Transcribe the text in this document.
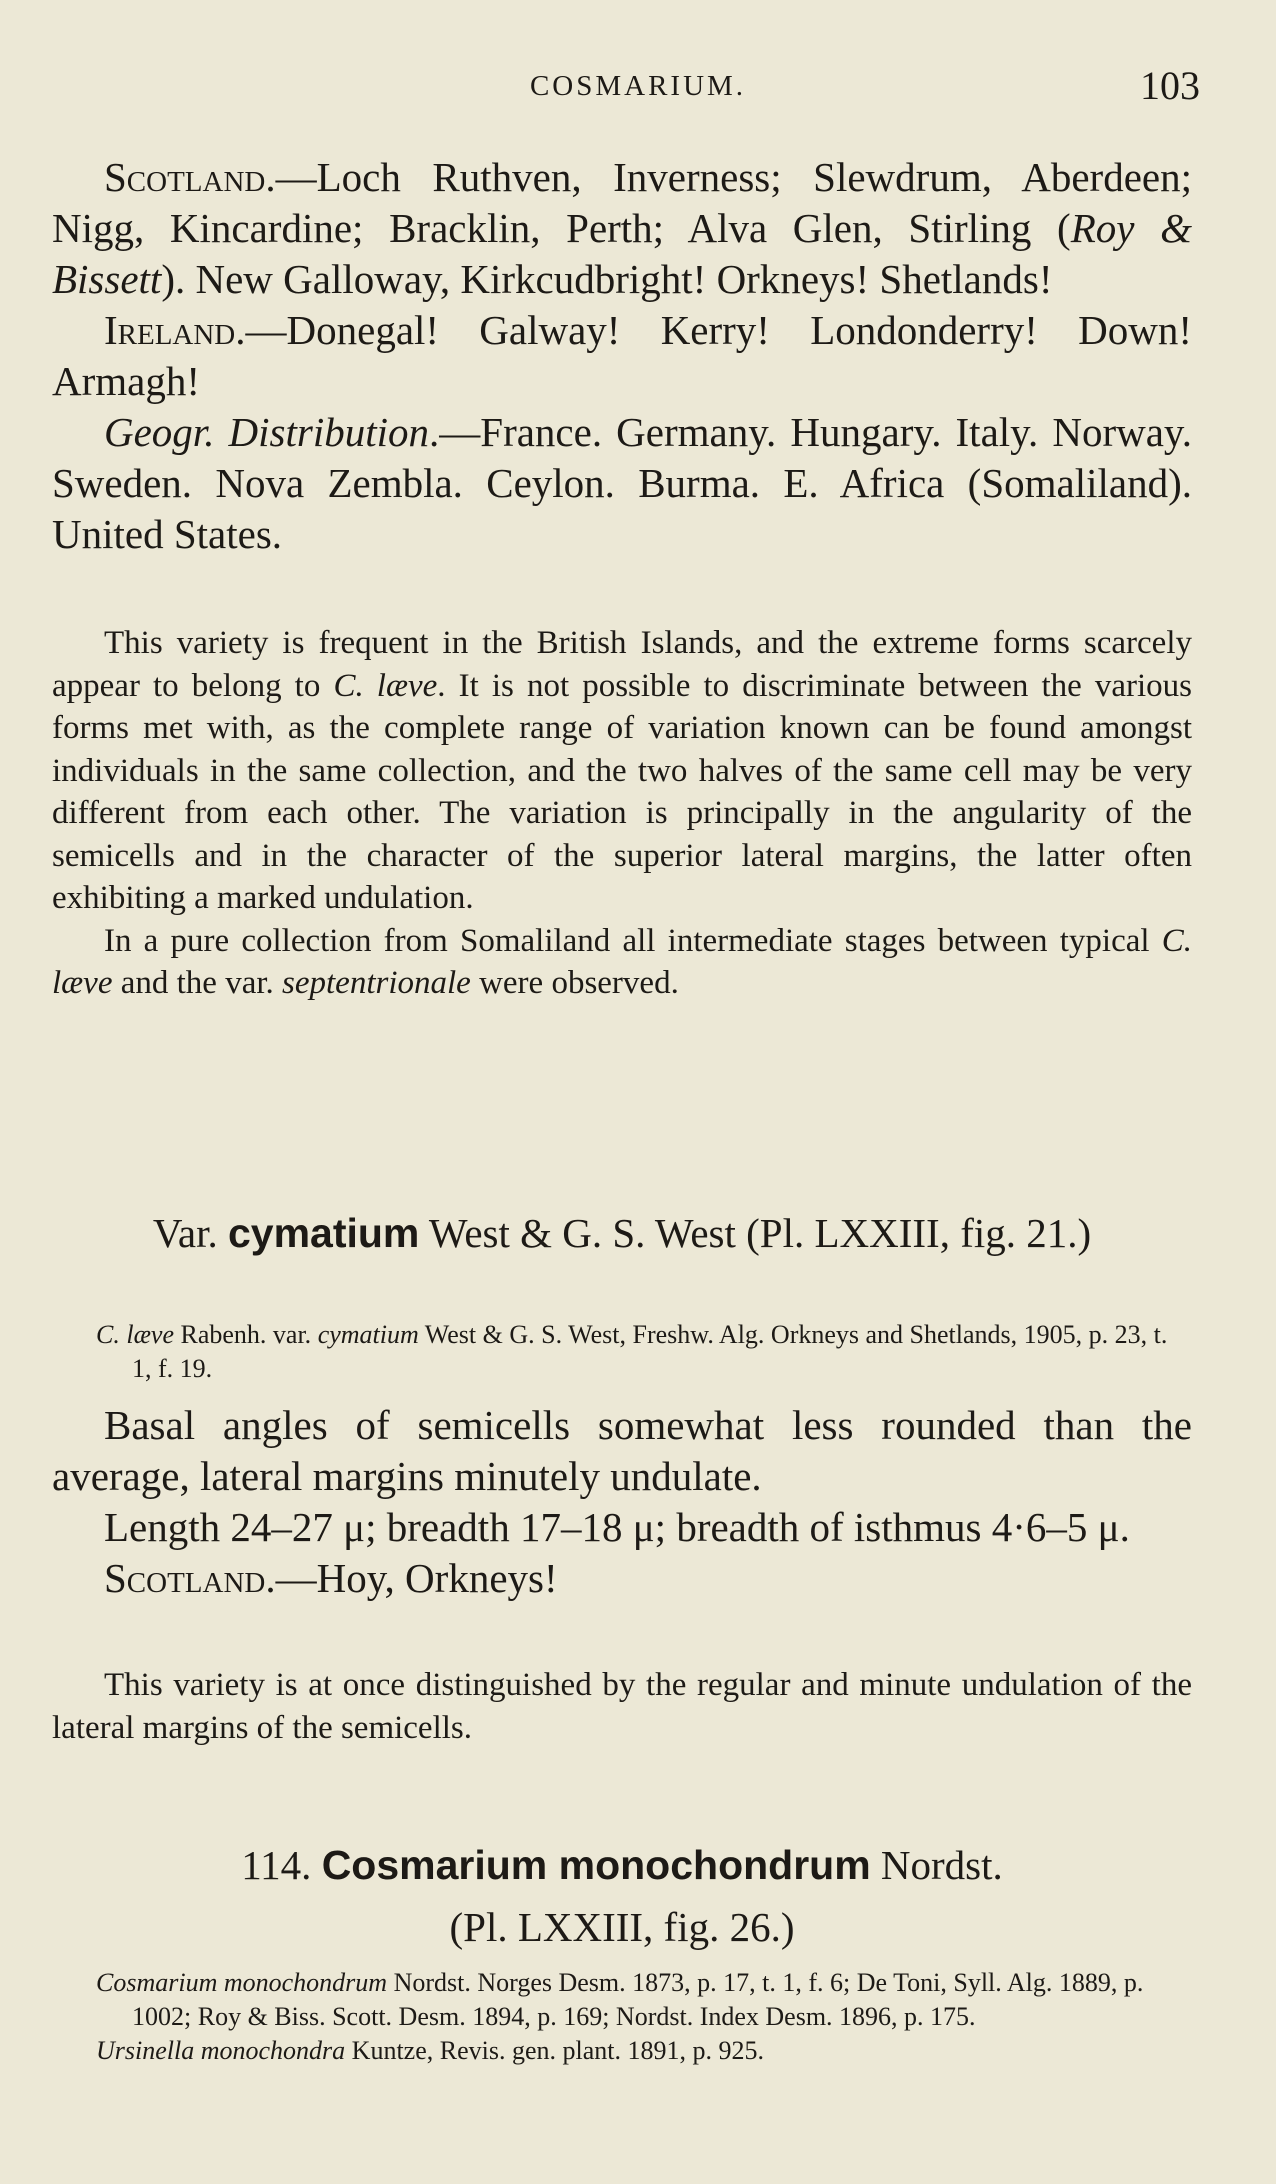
COSMARIUM.	103

Scotland.—Loch Ruthven, Inverness; Slewdrum, Aberdeen; Nigg, Kincardine; Bracklin, Perth; Alva Glen, Stirling (Roy & Bissett). New Galloway, Kirkcudbright! Orkneys! Shetlands!

Ireland.—Donegal! Galway! Kerry! Londonderry! Down! Armagh!

Geogr. Distribution.—France. Germany. Hungary. Italy. Norway. Sweden. Nova Zembla. Ceylon. Burma. E. Africa (Somaliland). United States.

This variety is frequent in the British Islands, and the extreme forms scarcely appear to belong to C. læve. It is not possible to discriminate between the various forms met with, as the complete range of variation known can be found amongst individuals in the same collection, and the two halves of the same cell may be very different from each other. The variation is principally in the angularity of the semicells and in the character of the superior lateral margins, the latter often exhibiting a marked undulation.

In a pure collection from Somaliland all intermediate stages between typical C. læve and the var. septentrionale were observed.

Var. cymatium West & G. S. West (Pl. LXXIII, fig. 21.)

C. læve Rabenh. var. cymatium West & G. S. West, Freshw. Alg. Orkneys and Shetlands, 1905, p. 23, t. 1, f. 19.

Basal angles of semicells somewhat less rounded than the average, lateral margins minutely undulate.

Length 24–27 μ; breadth 17–18 μ; breadth of isthmus 4·6–5 μ.

Scotland.—Hoy, Orkneys!

This variety is at once distinguished by the regular and minute undulation of the lateral margins of the semicells.

114. Cosmarium monochondrum Nordst.

(Pl. LXXIII, fig. 26.)

Cosmarium monochondrum Nordst. Norges Desm. 1873, p. 17, t. 1, f. 6; De Toni, Syll. Alg. 1889, p. 1002; Roy & Biss. Scott. Desm. 1894, p. 169; Nordst. Index Desm. 1896, p. 175.

Ursinella monochondra Kuntze, Revis. gen. plant. 1891, p. 925.
